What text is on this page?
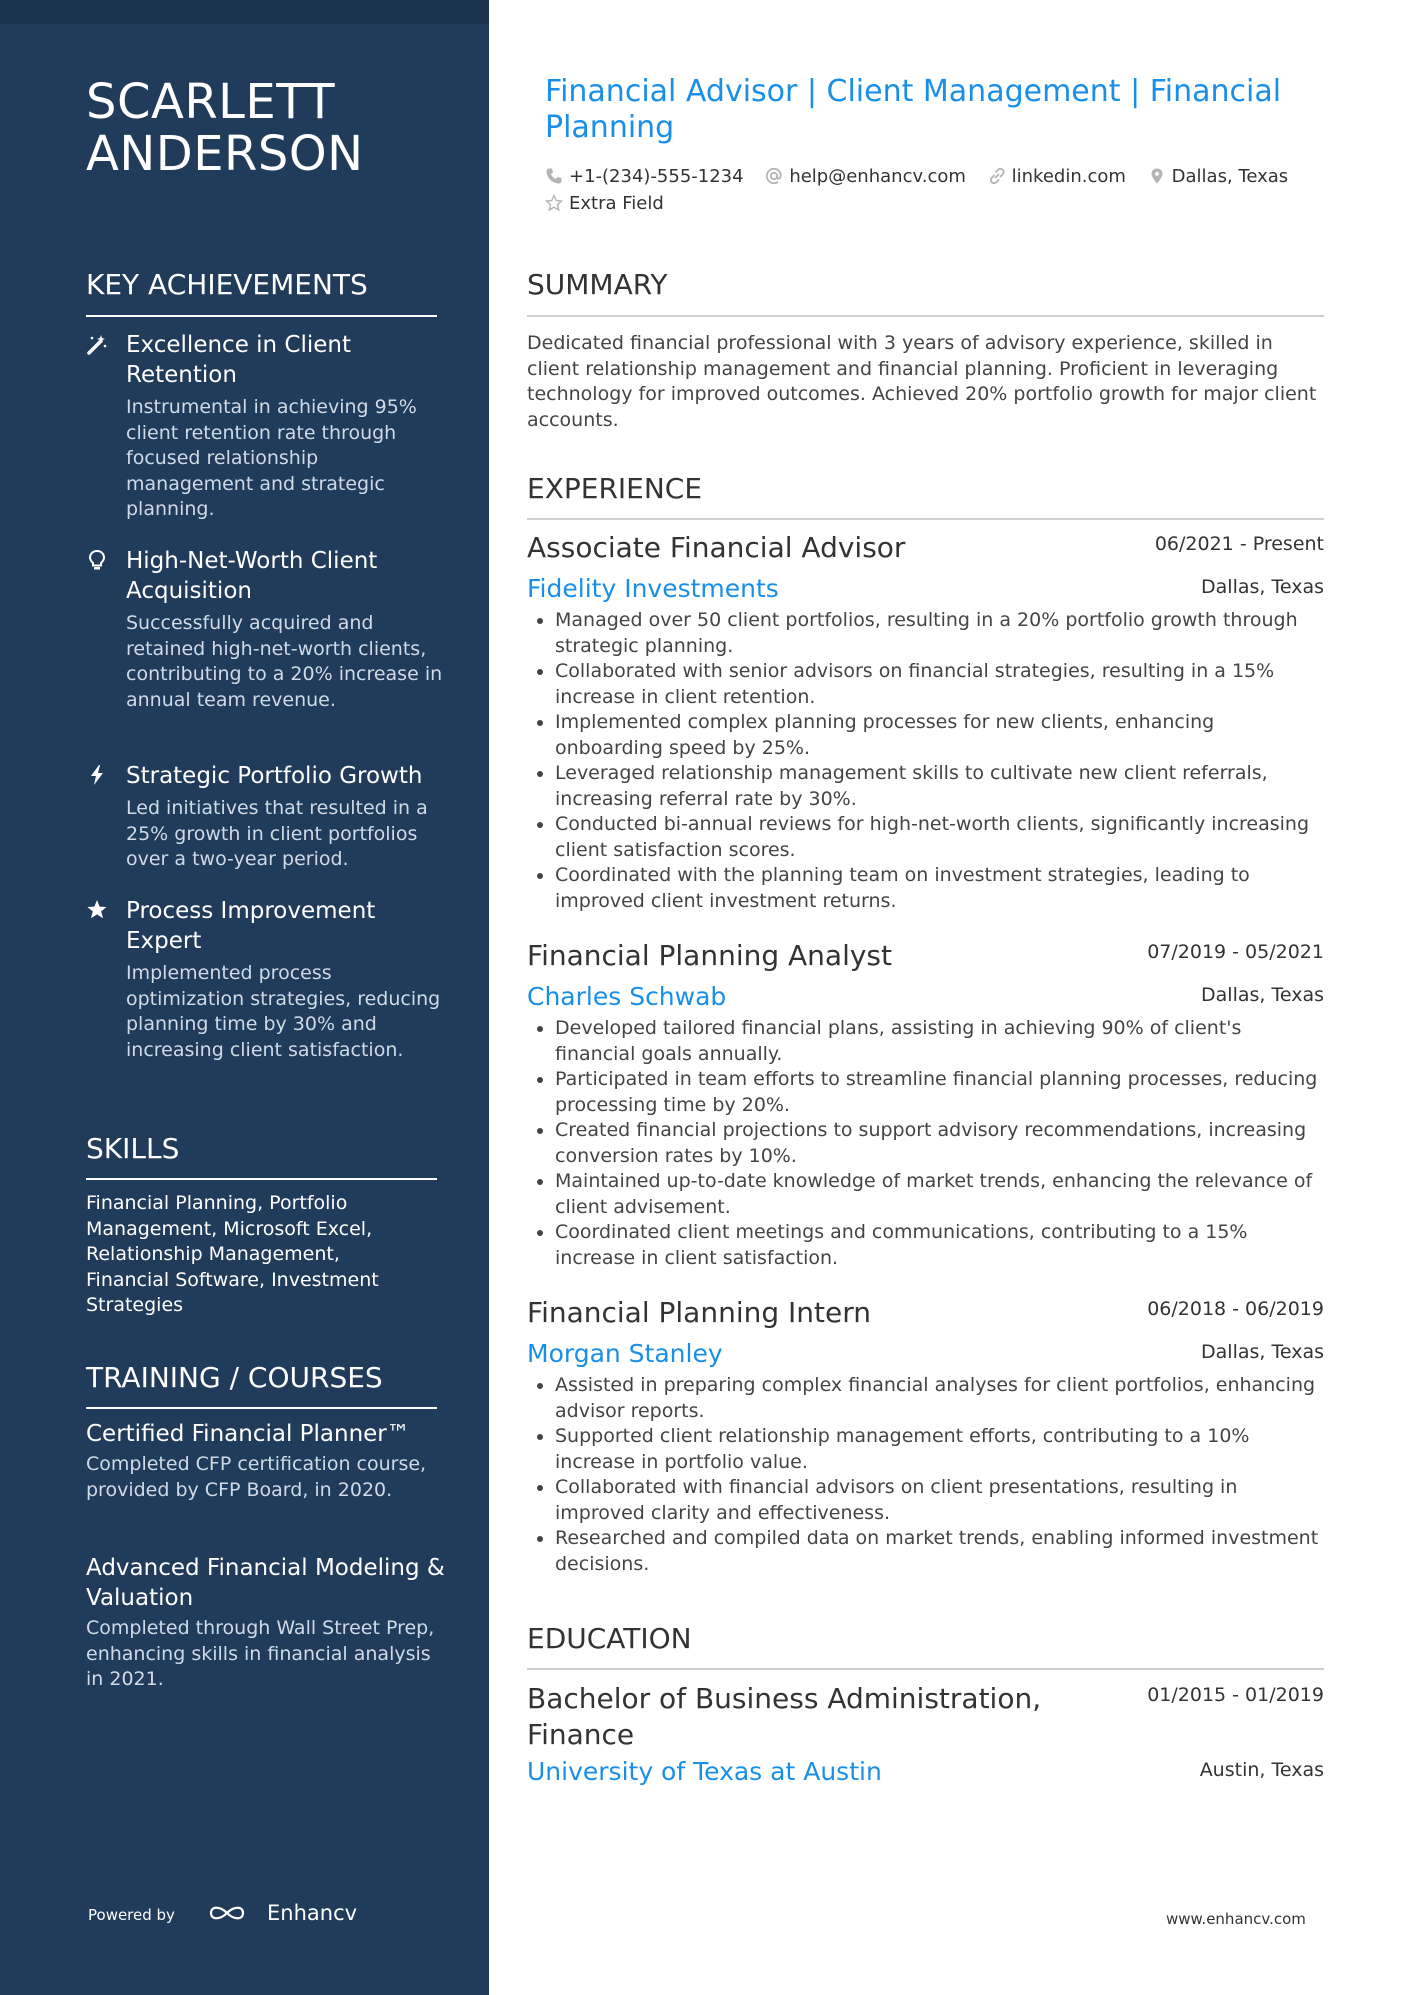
SCARLETT ANDERSON
KEY ACHIEVEMENTS
Excellence in Client Retention
Instrumental in achieving 95% client retention rate through focused relationship management and strategic planning.
High-Net-Worth Client Acquisition
Successfully acquired and retained high-net-worth clients, contributing to a 20% increase in annual team revenue.
Strategic Portfolio Growth
Led initiatives that resulted in a 25% growth in client portfolios over a two-year period.
Process Improvement Expert
Implemented process optimization strategies, reducing planning time by 30% and increasing client satisfaction.
SKILLS
Financial Planning, Portfolio Management, Microsoft Excel, Relationship Management, Financial Software, Investment Strategies
TRAINING / COURSES
Certified Financial Planner™
Completed CFP certification course, provided by CFP Board, in 2020.
Advanced Financial Modeling & Valuation
Completed through Wall Street Prep, enhancing skills in financial analysis in 2021.
Powered by	Enhancv
Financial Advisor | Client Management | Financial Planning
+1-(234)-555-1234	help@enhancv.com	linkedin.com	Dallas, Texas
Extra Field
SUMMARY

Dedicated financial professional with 3 years of advisory experience, skilled in client relationship management and financial planning. Proficient in leveraging technology for improved outcomes. Achieved 20% portfolio growth for major client accounts.

EXPERIENCE
Associate Financial Advisor	06/2021 - Present
Fidelity Investments	Dallas, Texas
• Managed over 50 client portfolios, resulting in a 20% portfolio growth through strategic planning.
• Collaborated with senior advisors on financial strategies, resulting in a 15% increase in client retention.
• Implemented complex planning processes for new clients, enhancing onboarding speed by 25%.
• Leveraged relationship management skills to cultivate new client referrals, increasing referral rate by 30%.
• Conducted bi-annual reviews for high-net-worth clients, significantly increasing client satisfaction scores.
• Coordinated with the planning team on investment strategies, leading to improved client investment returns.
Financial Planning Analyst	07/2019 - 05/2021
Charles Schwab	Dallas, Texas
• Developed tailored financial plans, assisting in achieving 90% of client's financial goals annually.
• Participated in team efforts to streamline financial planning processes, reducing processing time by 20%.
• Created financial projections to support advisory recommendations, increasing conversion rates by 10%.
• Maintained up-to-date knowledge of market trends, enhancing the relevance of client advisement.
• Coordinated client meetings and communications, contributing to a 15% increase in client satisfaction.
Financial Planning Intern	06/2018 - 06/2019
Morgan Stanley	Dallas, Texas
• Assisted in preparing complex financial analyses for client portfolios, enhancing advisor reports.
• Supported client relationship management efforts, contributing to a 10% increase in portfolio value.
• Collaborated with financial advisors on client presentations, resulting in improved clarity and effectiveness.
• Researched and compiled data on market trends, enabling informed investment decisions.
EDUCATION
Bachelor of Business Administration, Finance
01/2015 - 01/2019
University of Texas at Austin	Austin, Texas
www.enhancv.com
